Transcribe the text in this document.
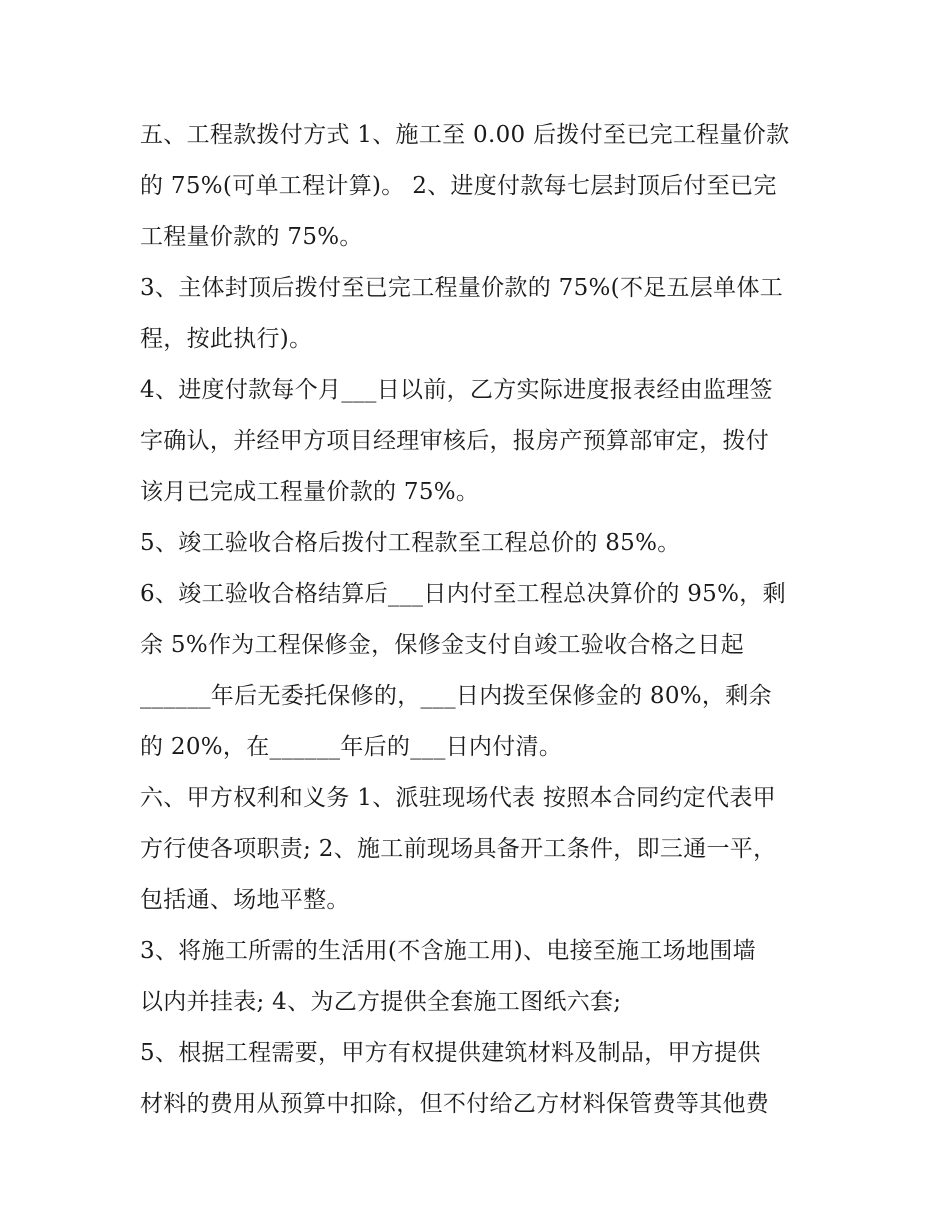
五、工程款拨付方式 1、施工至 0.00 后拨付至已完工程量价款

的 75%(可单工程计算)。 2、进度付款每七层封顶后付至已完

工程量价款的 75%。

3、主体封顶后拨付至已完工程量价款的 75%(不足五层单体工

程，按此执行)。

4、进度付款每个月___日以前，乙方实际进度报表经由监理签

字确认，并经甲方项目经理审核后，报房产预算部审定，拨付

该月已完成工程量价款的 75%。

5、竣工验收合格后拨付工程款至工程总价的 85%。

6、竣工验收合格结算后___日内付至工程总决算价的 95%，剩

余 5%作为工程保修金，保修金支付自竣工验收合格之日起

______年后无委托保修的，___日内拨至保修金的 80%，剩余

的 20%，在______年后的___日内付清。

六、甲方权利和义务 1、派驻现场代表 按照本合同约定代表甲

方行使各项职责; 2、施工前现场具备开工条件，即三通一平，

包括通、场地平整。

3、将施工所需的生活用(不含施工用)、电接至施工场地围墙

以内并挂表; 4、为乙方提供全套施工图纸六套;

5、根据工程需要，甲方有权提供建筑材料及制品，甲方提供

材料的费用从预算中扣除，但不付给乙方材料保管费等其他费
